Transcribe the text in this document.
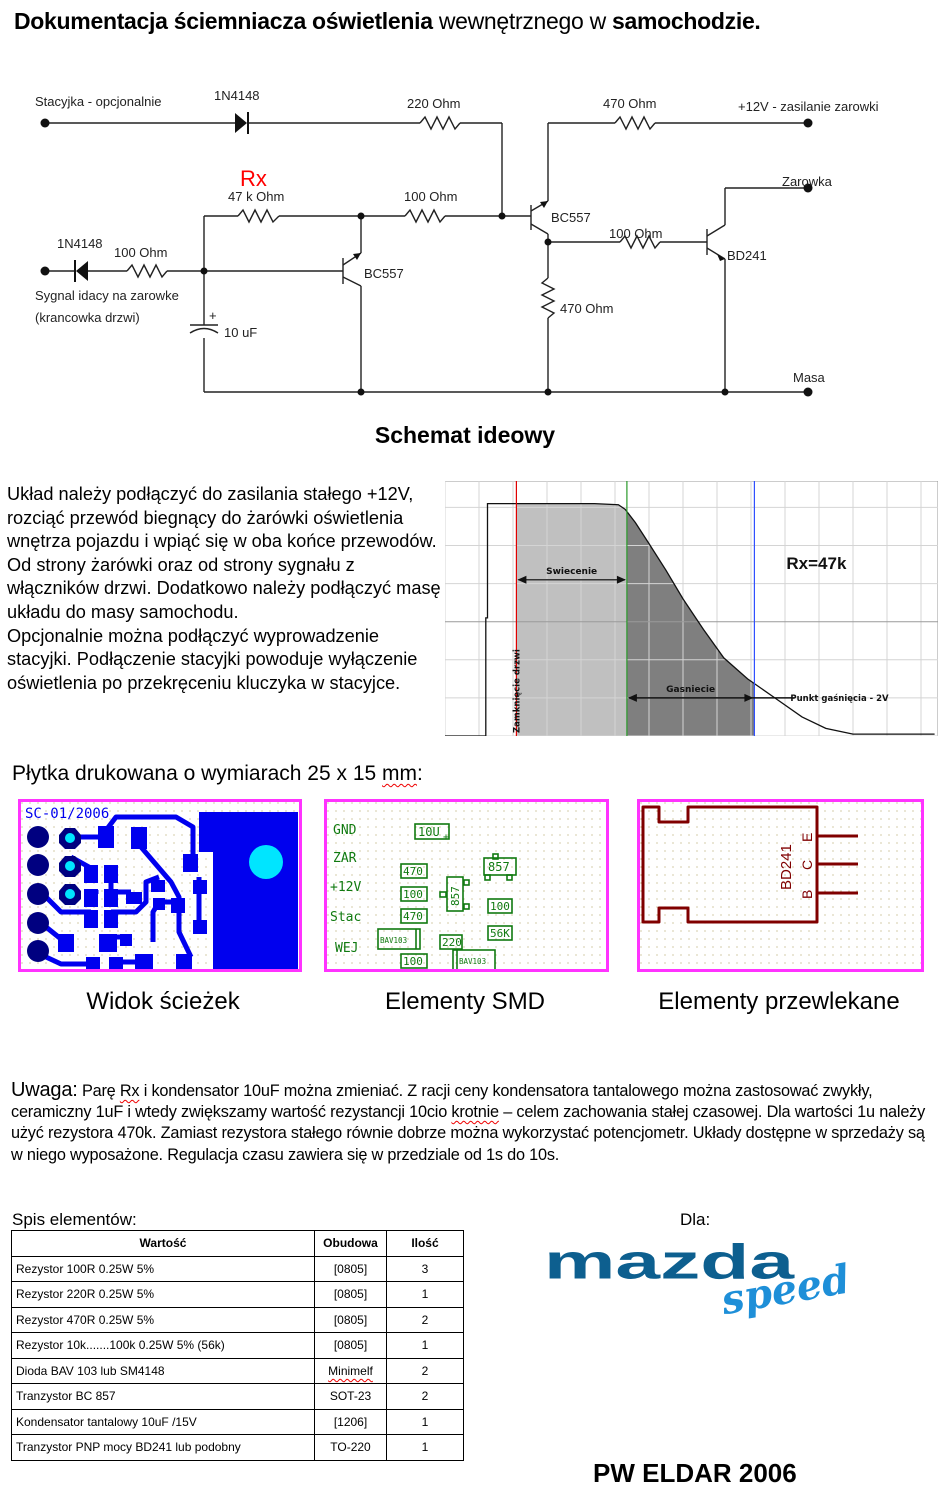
Dokumentacja ściemniacza oświetlenia wewnętrznego w samochodzie.
Stacyjka - opcjonalnie	1N4148
220 Ohm	470 Ohm	+12V - zasilanie zarowki
Rx
47 k Ohm	100 Ohm
1N4148
100 Ohm
Sygnal idacy na zarowke
(krancowka drzwi)	+
10 uF
BC557
BC557
100 Ohm
BD241
470 Ohm
Zarowka
Masa
Schemat ideowy

Układ należy podłączyć do zasilania stałego +12V, rozciąć przewód biegnący do żarówki oświetlenia wnętrza pojazdu i wpiąć się w oba końce przewodów. Od strony żarówki oraz od strony sygnału z włączników drzwi. Dodatkowo należy podłączyć masę układu do masy samochodu.

Opcjonalnie można podłączyć wyprowadzenie stacyjki. Podłączenie stacyjki powoduje wyłączenie oświetlenia po przekręceniu kluczyka w stacyjce.

Swiecenie
Gasniecie
Punkt gaśnięcia - 2V
Rx=47k
Zamknięcie drzwi
Płytka drukowana o wymiarach 25 x 15 mm:
SC-01/2006
GND
ZAR
+12V
Stac
WEJ
10U +
470
100
470
100
857
857
100
56K
220
BAV103
BAV103
BD241
E
C
B
Widok ścieżek	Elementy SMD	Elementy przewlekane
Uwaga: Parę Rx i kondensator 10uF można zmieniać. Z racji ceny kondensatora tantalowego można zastosować zwykły, ceramiczny 1uF i wtedy zwiększamy wartość rezystancji 10cio krotnie – celem zachowania stałej czasowej. Dla wartości 1u należy użyć rezystora 470k. Zamiast rezystora stałego równie dobrze można wykorzystać potencjometr. Układy dostępne w sprzedaży są w niego wyposażone. Regulacja czasu zawiera się w przedziale od 1s do 10s.
Spis elementów:
Wartość	Obudowa	Ilość
Rezystor 100R 0.25W 5%	[0805]	3
Rezystor 220R 0.25W 5%	[0805]	1
Rezystor 470R 0.25W 5%	[0805]	2
Rezystor 10k.......100k 0.25W 5% (56k)	[0805]	1
Dioda BAV 103 lub SM4148	Minimelf	2
Tranzystor BC 857	SOT-23	2
Kondensator tantalowy 10uF /15V	[1206]	1
Tranzystor PNP mocy BD241 lub podobny	TO-220	1
Dla:
mazda
speed
PW ELDAR 2006
